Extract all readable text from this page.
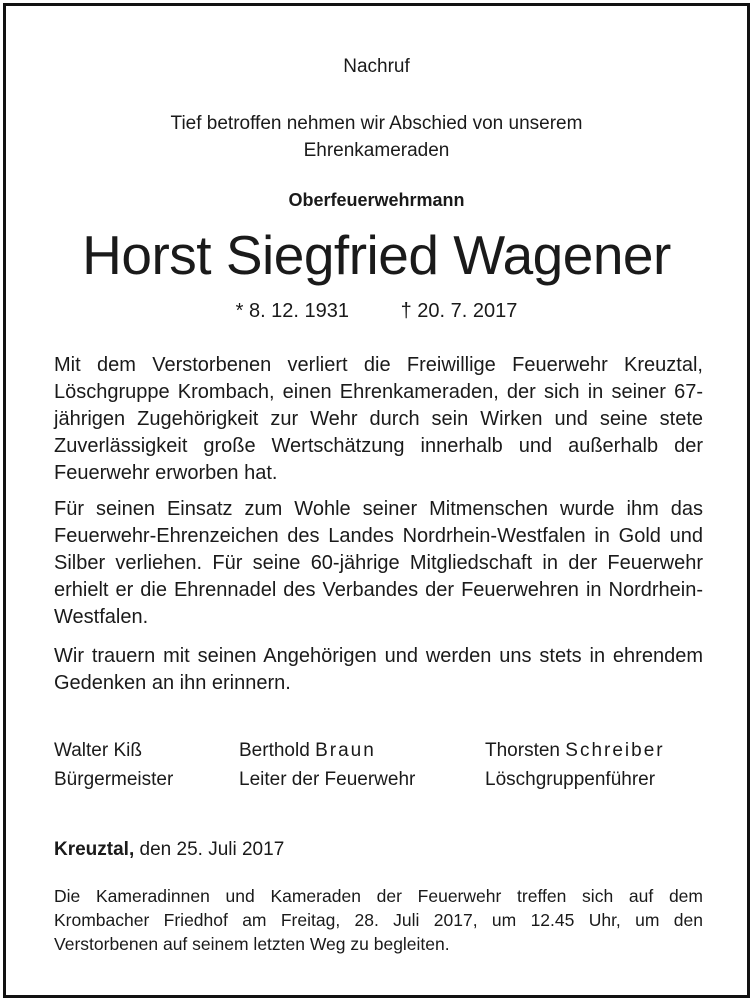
Nachruf
Tief betroffen nehmen wir Abschied von unserem
Ehrenkameraden
Oberfeuerwehrmann
Horst Siegfried Wagener
* 8. 12. 1931	† 20. 7. 2017

Mit dem Verstorbenen verliert die Freiwillige Feuerwehr Kreuztal, Löschgruppe Krombach, einen Ehrenkameraden, der sich in seiner 67-jährigen Zugehörigkeit zur Wehr durch sein Wirken und seine stete Zuverlässigkeit große Wertschätzung innerhalb und außerhalb der Feuerwehr erworben hat.

Für seinen Einsatz zum Wohle seiner Mitmenschen wurde ihm das Feuerwehr-Ehrenzeichen des Landes Nordrhein-Westfalen in Gold und Silber verliehen. Für seine 60-jährige Mitgliedschaft in der Feuerwehr erhielt er die Ehrennadel des Verbandes der Feuerwehren in Nordrhein-Westfalen.

Wir trauern mit seinen Angehörigen und werden uns stets in ehrendem Gedenken an ihn erinnern.

Walter Kiß
Bürgermeister
Berthold Braun
Leiter der Feuerwehr
Thorsten Schreiber
Löschgruppenführer
Kreuztal, den 25. Juli 2017

Die Kameradinnen und Kameraden der Feuerwehr treffen sich auf dem Krombacher Friedhof am Freitag, 28. Juli 2017, um 12.45 Uhr, um den Verstorbenen auf seinem letzten Weg zu begleiten.
